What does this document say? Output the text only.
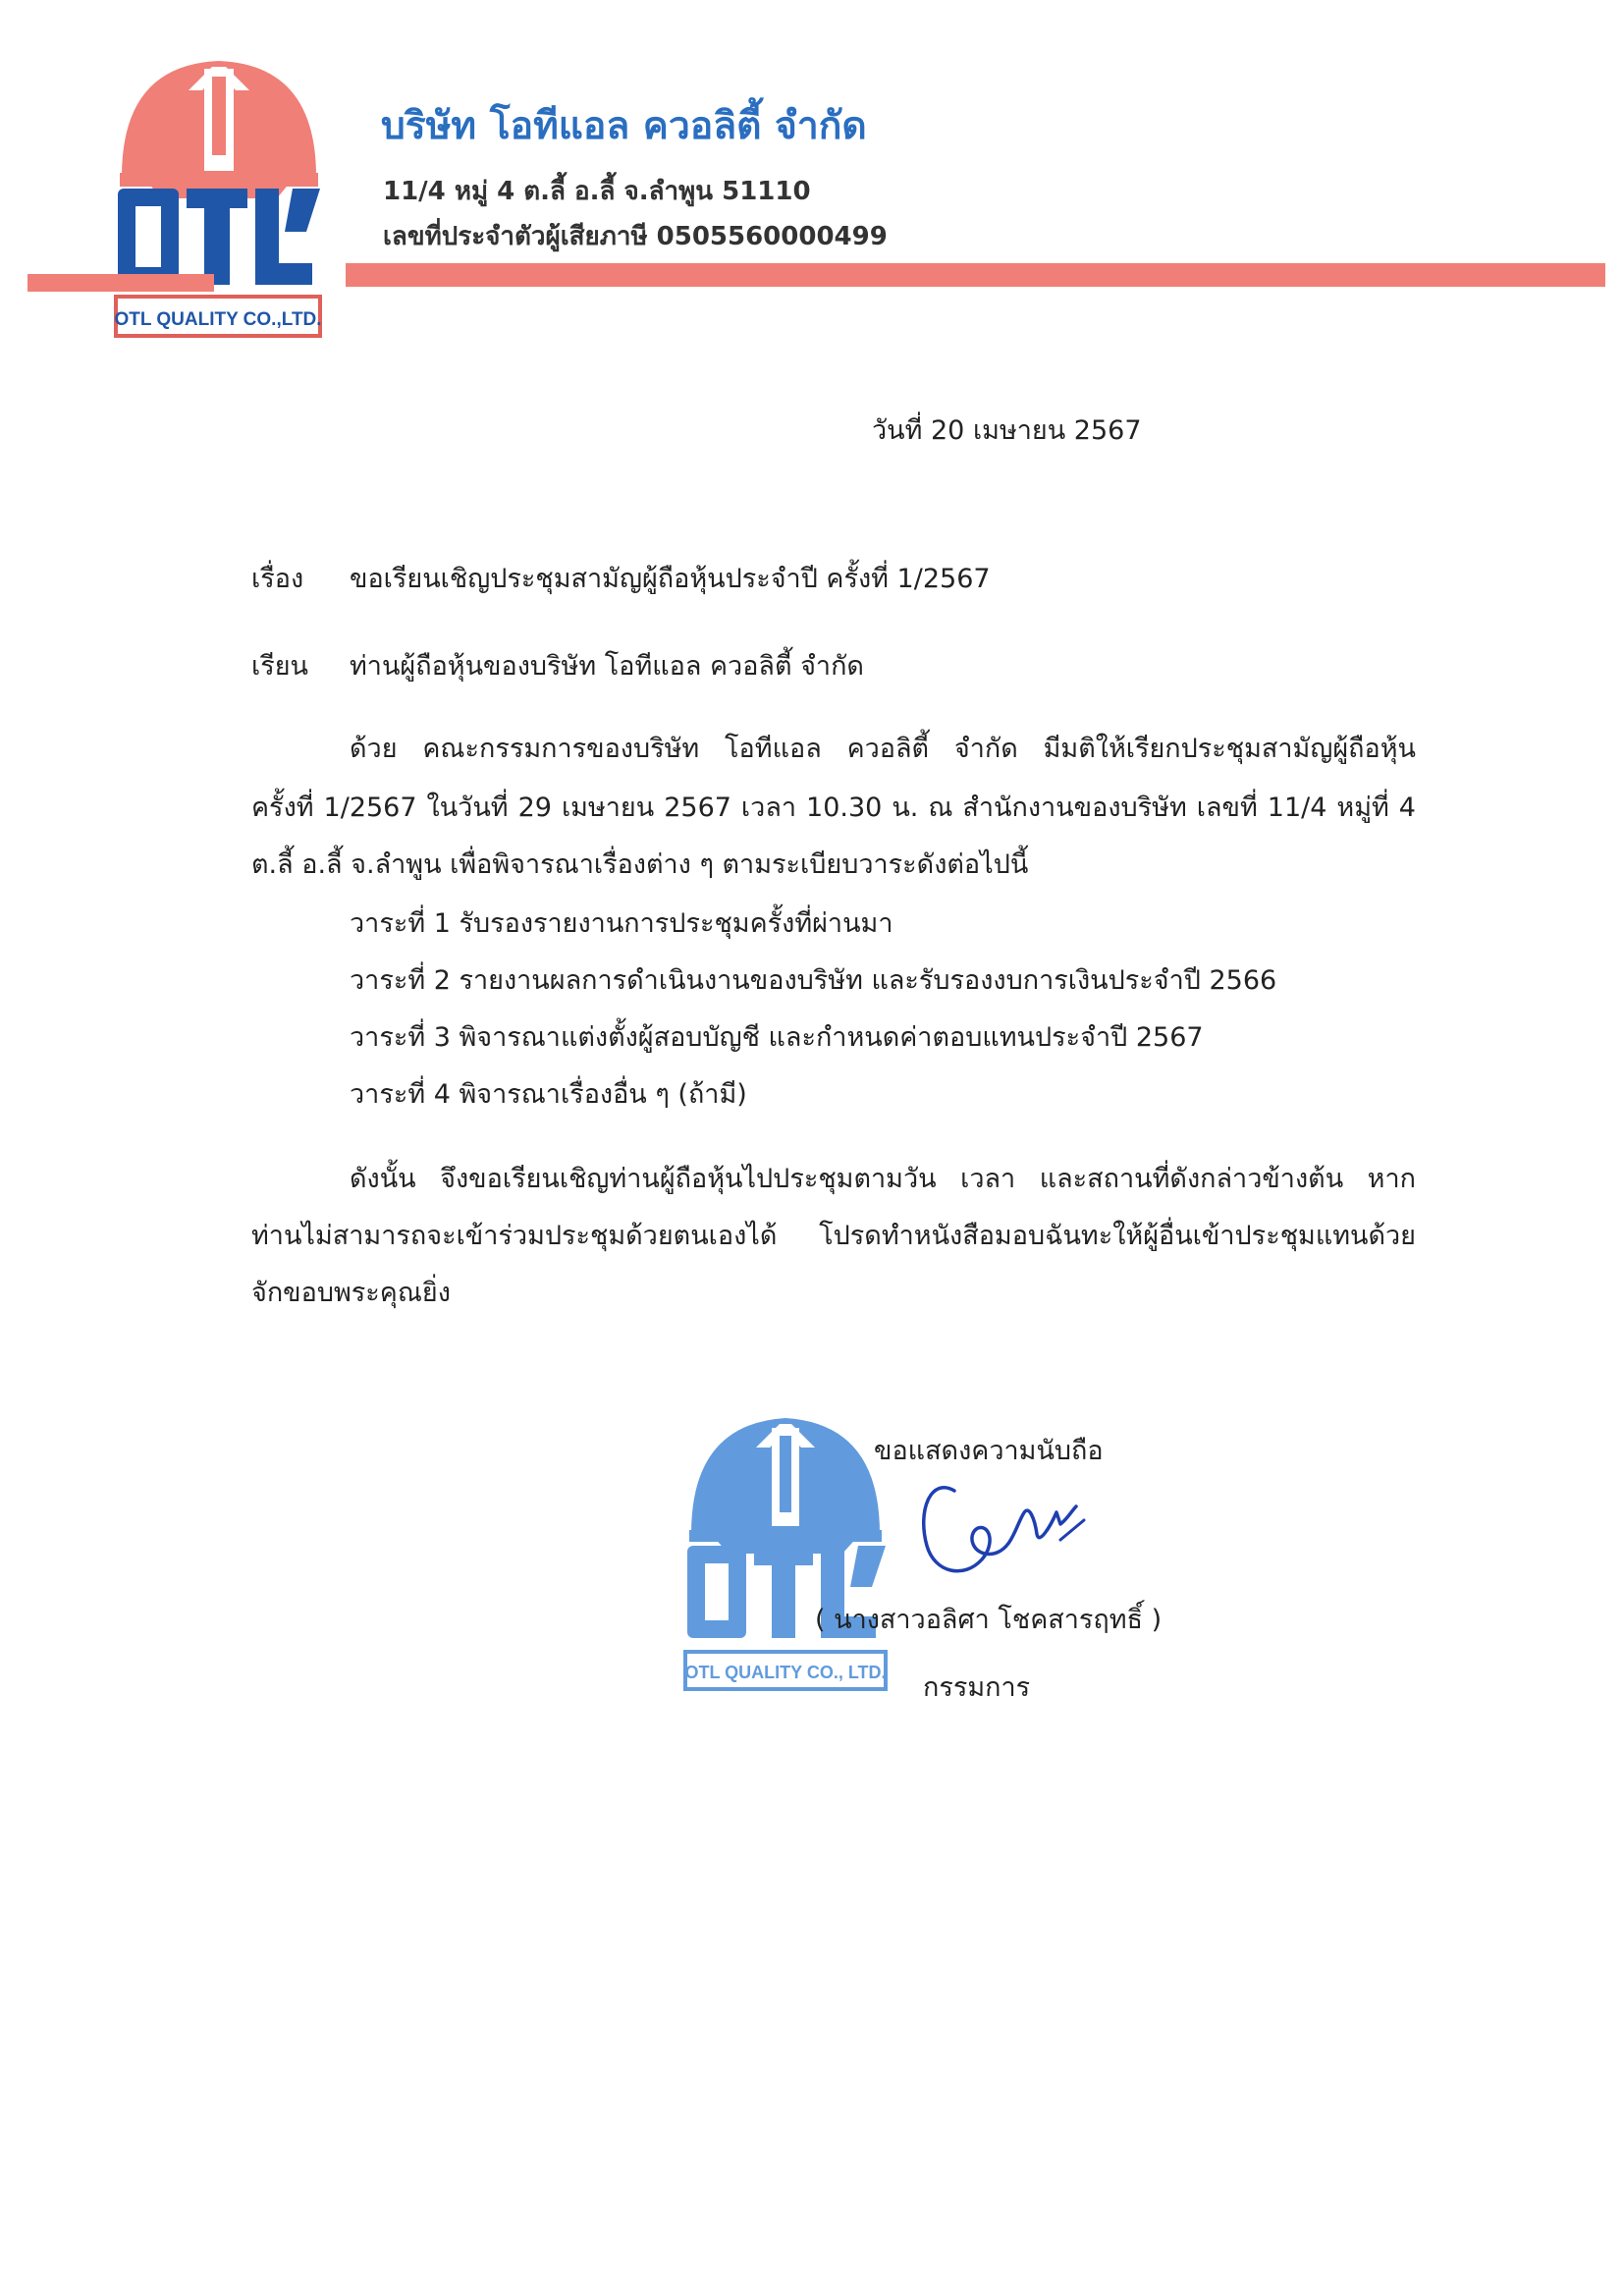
OTL QUALITY CO.,LTD.
บริษัท โอทีแอล ควอลิตี้ จำกัด
11/4 หมู่ 4 ต.ลี้ อ.ลี้ จ.ลำพูน 51110
เลขที่ประจำตัวผู้เสียภาษี 0505560000499
วันที่ 20 เมษายน 2567
เรื่อง ขอเรียนเชิญประชุมสามัญผู้ถือหุ้นประจำปี ครั้งที่ 1/2567
เรียน ท่านผู้ถือหุ้นของบริษัท โอทีแอล ควอลิตี้ จำกัด
ด้วย คณะกรรมการของบริษัท โอทีแอล ควอลิตี้ จำกัด มีมติให้เรียกประชุมสามัญผู้ถือหุ้น
ครั้งที่ 1/2567 ในวันที่ 29 เมษายน 2567 เวลา 10.30 น. ณ สำนักงานของบริษัท เลขที่ 11/4 หมู่ที่ 4
ต.ลี้ อ.ลี้ จ.ลำพูน เพื่อพิจารณาเรื่องต่าง ๆ ตามระเบียบวาระดังต่อไปนี้
วาระที่ 1 รับรองรายงานการประชุมครั้งที่ผ่านมา
วาระที่ 2 รายงานผลการดำเนินงานของบริษัท และรับรองงบการเงินประจำปี 2566
วาระที่ 3 พิจารณาแต่งตั้งผู้สอบบัญชี และกำหนดค่าตอบแทนประจำปี 2567
วาระที่ 4 พิจารณาเรื่องอื่น ๆ (ถ้ามี)
ดังนั้น จึงขอเรียนเชิญท่านผู้ถือหุ้นไปประชุมตามวัน เวลา และสถานที่ดังกล่าวข้างต้น หาก
ท่านไม่สามารถจะเข้าร่วมประชุมด้วยตนเองได้ โปรดทำหนังสือมอบฉันทะให้ผู้อื่นเข้าประชุมแทนด้วย
จักขอบพระคุณยิ่ง
OTL QUALITY CO., LTD.
ขอแสดงความนับถือ
( นางสาวอลิศา โชคสารฤทธิ์ )
กรรมการ
